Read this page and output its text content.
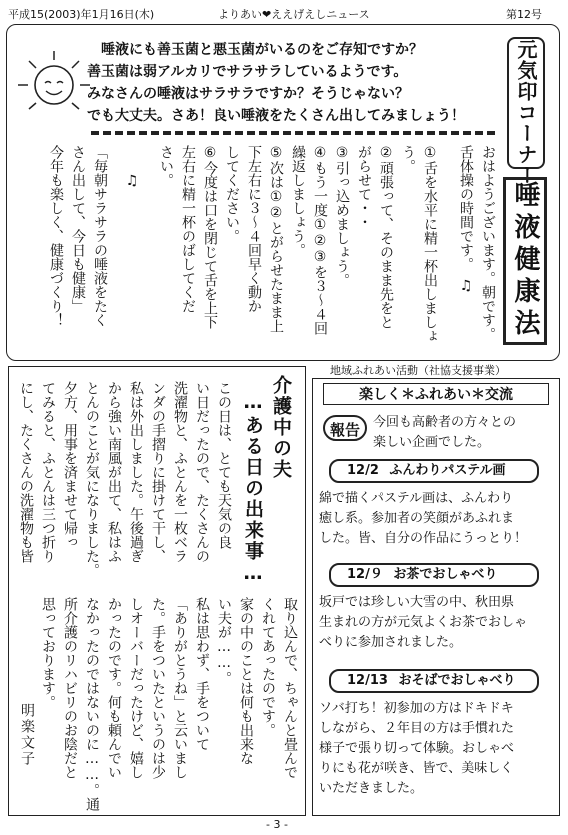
平成15(2003)年1月16日(木)	よりあい❤ええげえしニュース	第12号
唾液にも善玉菌と悪玉菌がいるのをご存知ですか？
善玉菌は弱アルカリでサラサラしているようです。
みなさんの唾液はサラサラですか？そうじゃない？
でも大丈夫。さあ！良い唾液をたくさん出してみましょう！	元気印コーナー
唾液健康法
おはようございます。朝です。
舌体操の時間です。　♫
①舌を水平に精一杯出しましょ
う。
②頑張って、そのまま先をと
がらせて・・
③引っ込めましょう。
④もう一度①②③を３～４回
繰返しましょう。
⑤次は①②とがらせたまま上
下左右に３～４回早く動か
してください。
⑥今度は口を閉じて舌を上下
左右に精一杯のばしてくだ
さい。
　　♫
「毎朝サラサラの唾液をたく
さん出して、今日も健康」
今年も楽しく、健康づくり！
介護中の夫
…ある日の出来事…
この日は、とても天気の良
い日だったので、たくさんの
洗濯物と、ふとんを一枚ベラ
ンダの手摺りに掛けて干し、
私は外出しました。午後過ぎ
から強い南風が出て、私はふ
とんのことが気になりました。
夕方、用事を済ませて帰っ
てみると、ふとんは三つ折り
にし、たくさんの洗濯物も皆
取り込んで、ちゃんと畳んで
くれてあったのです。
家の中のことは何も出来な
い夫が……。
私は思わず、手をついて
「ありがとうね」と云いまし
た。手をついたというのは少
しオーバーだったけど、嬉し
かったのです。何も頼んでい
なかったのではないのに……。通
所介護のリハビリのお陰だと
思っております。
明楽文子
地域ふれあい活動（社協支援事業）
楽しく＊ふれあい＊交流
報告	今回も高齢者の方々との
楽しい企画でした。
12/2 ふんわりパステル画
綿で描くパステル画は、ふんわり
癒し系。参加者の笑顔があふれま
した。皆、自分の作品にうっとり！
12/９ お茶でおしゃべり
坂戸では珍しい大雪の中、秋田県
生まれの方が元気よくお茶でおしゃ
べりに参加されました。
12/13 おそばでおしゃべり
ソバ打ち！初参加の方はドキドキ
しながら、２年目の方は手慣れた
様子で張り切って体験。おしゃべ
りにも花が咲き、皆で、美味しく
いただきました。
- 3 -
